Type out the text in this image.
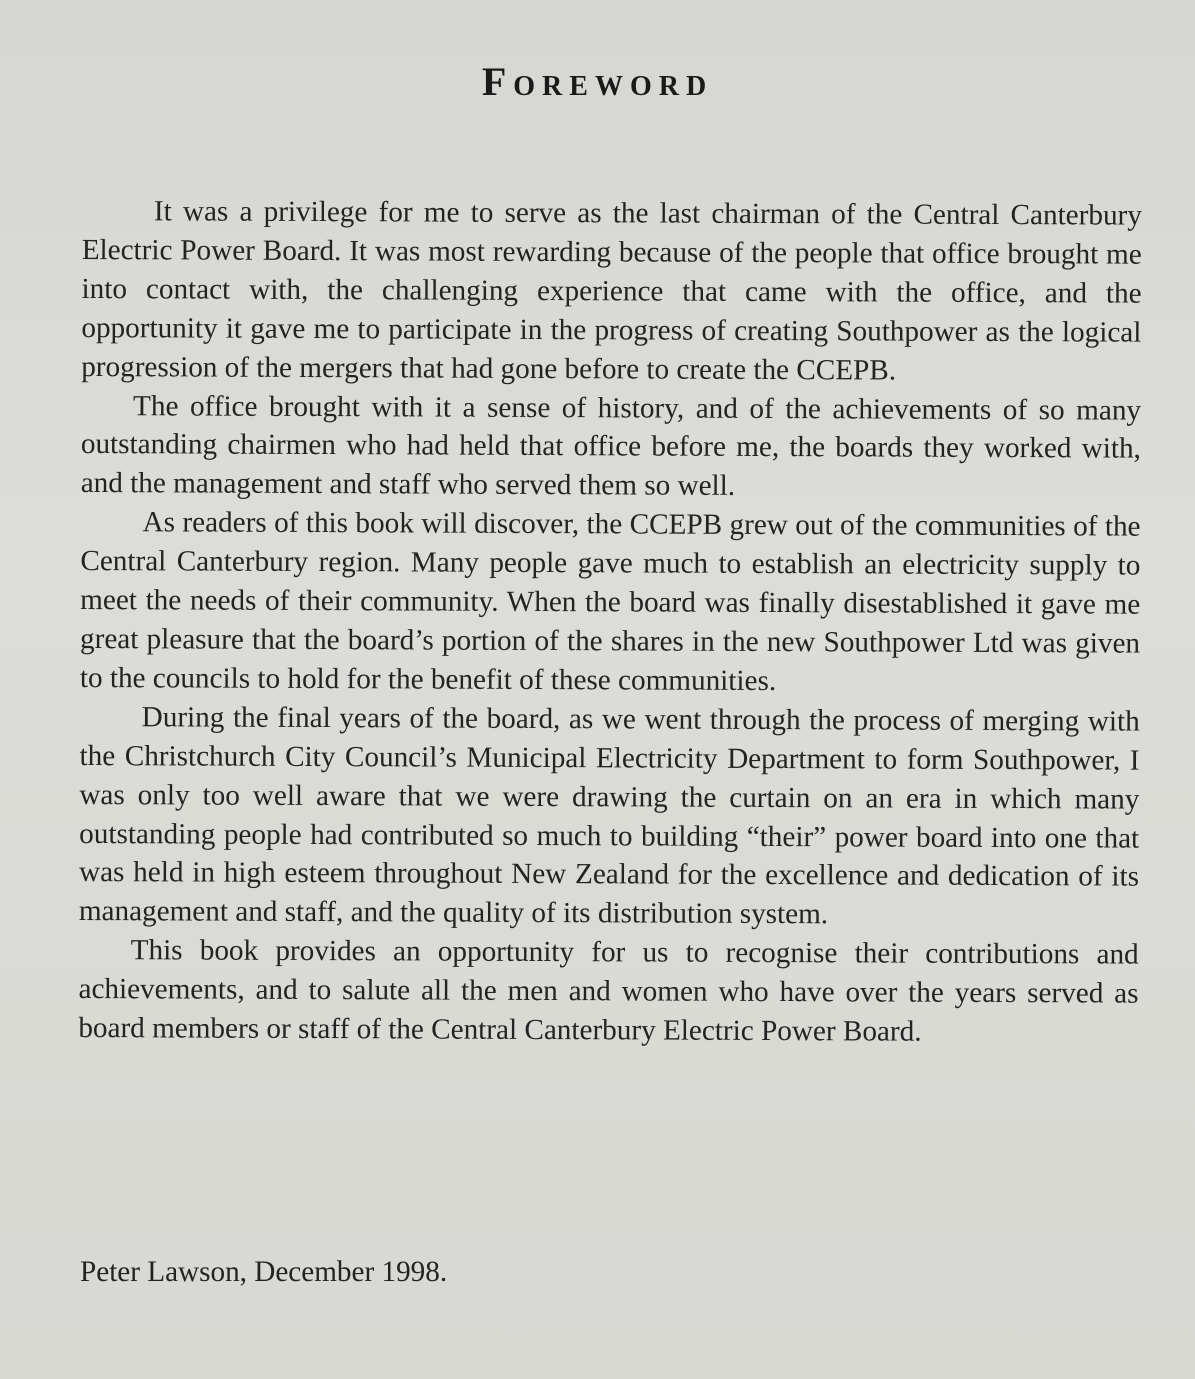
Foreword

It was a privilege for me to serve as the last chairman of the Central Canterbury Electric Power Board. It was most rewarding because of the people that office brought me into contact with, the challenging experience that came with the office, and the opportunity it gave me to participate in the progress of creating Southpower as the logical progression of the mergers that had gone before to create the CCEPB.

The office brought with it a sense of history, and of the achievements of so many outstanding chairmen who had held that office before me, the boards they worked with, and the management and staff who served them so well.

As readers of this book will discover, the CCEPB grew out of the communities of the Central Canterbury region. Many people gave much to establish an electricity supply to meet the needs of their community. When the board was finally disestablished it gave me great pleasure that the board’s portion of the shares in the new Southpower Ltd was given to the councils to hold for the benefit of these communities.

During the final years of the board, as we went through the process of merging with the Christchurch City Council’s Municipal Electricity Department to form Southpower, I was only too well aware that we were drawing the curtain on an era in which many outstanding people had contributed so much to building “their” power board into one that was held in high esteem throughout New Zealand for the excellence and dedication of its management and staff, and the quality of its distribution system.

This book provides an opportunity for us to recognise their contributions and achievements, and to salute all the men and women who have over the years served as board members or staff of the Central Canterbury Electric Power Board.

Peter Lawson, December 1998.
